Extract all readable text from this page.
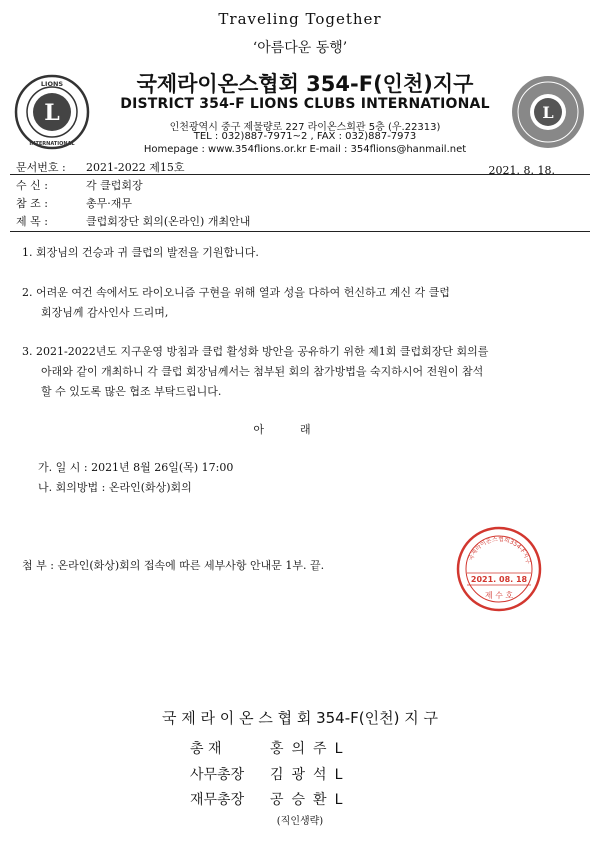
Traveling Together
‘아름다운 동행’
L
LIONS
INTERNATIONAL
L
국제라이온스협회 354-F(인천)지구
DISTRICT 354-F LIONS CLUBS INTERNATIONAL
인천광역시 중구 제물량로 227 라이온스회관 5층 (우.22313)
TEL : 032)887-7971~2 , FAX : 032)887-7973
Homepage : www.354flions.or.kr E-mail : 354flions@hanmail.net
문서번호 : 2021-2022 제15호	2021. 8. 18.
수 신 :	각 클럽회장
참 조 :	총무·재무
제 목 :	클럽회장단 회의(온라인) 개최안내
1. 회장님의 건승과 귀 클럽의 발전을 기원합니다.
2. 어려운 여건 속에서도 라이오니즘 구현을 위해 열과 성을 다하여 헌신하고 계신 각 클럽
회장님께 감사인사 드리며,
3. 2021-2022년도 지구운영 방침과 클럽 활성화 방안을 공유하기 위한 제1회 클럽회장단 회의를
아래와 같이 개최하니 각 클럽 회장님께서는 첨부된 회의 참가방법을 숙지하시어 전원이 참석
할 수 있도록 많은 협조 부탁드립니다.
아래
가. 일 시 : 2021년 8월 26일(목) 17:00
나. 회의방법 : 온라인(화상)회의
첨 부 : 온라인(화상)회의 접속에 따른 세부사항 안내문 1부. 끝.
국제라이온스협회354-F지구
2021. 08. 18
제 수 호
국 제 라 이 온 스 협 회 354-F(인천) 지 구
총 재	홍의주L
사무총장 김광석L
재무총장 공승환L
(직인생략)
